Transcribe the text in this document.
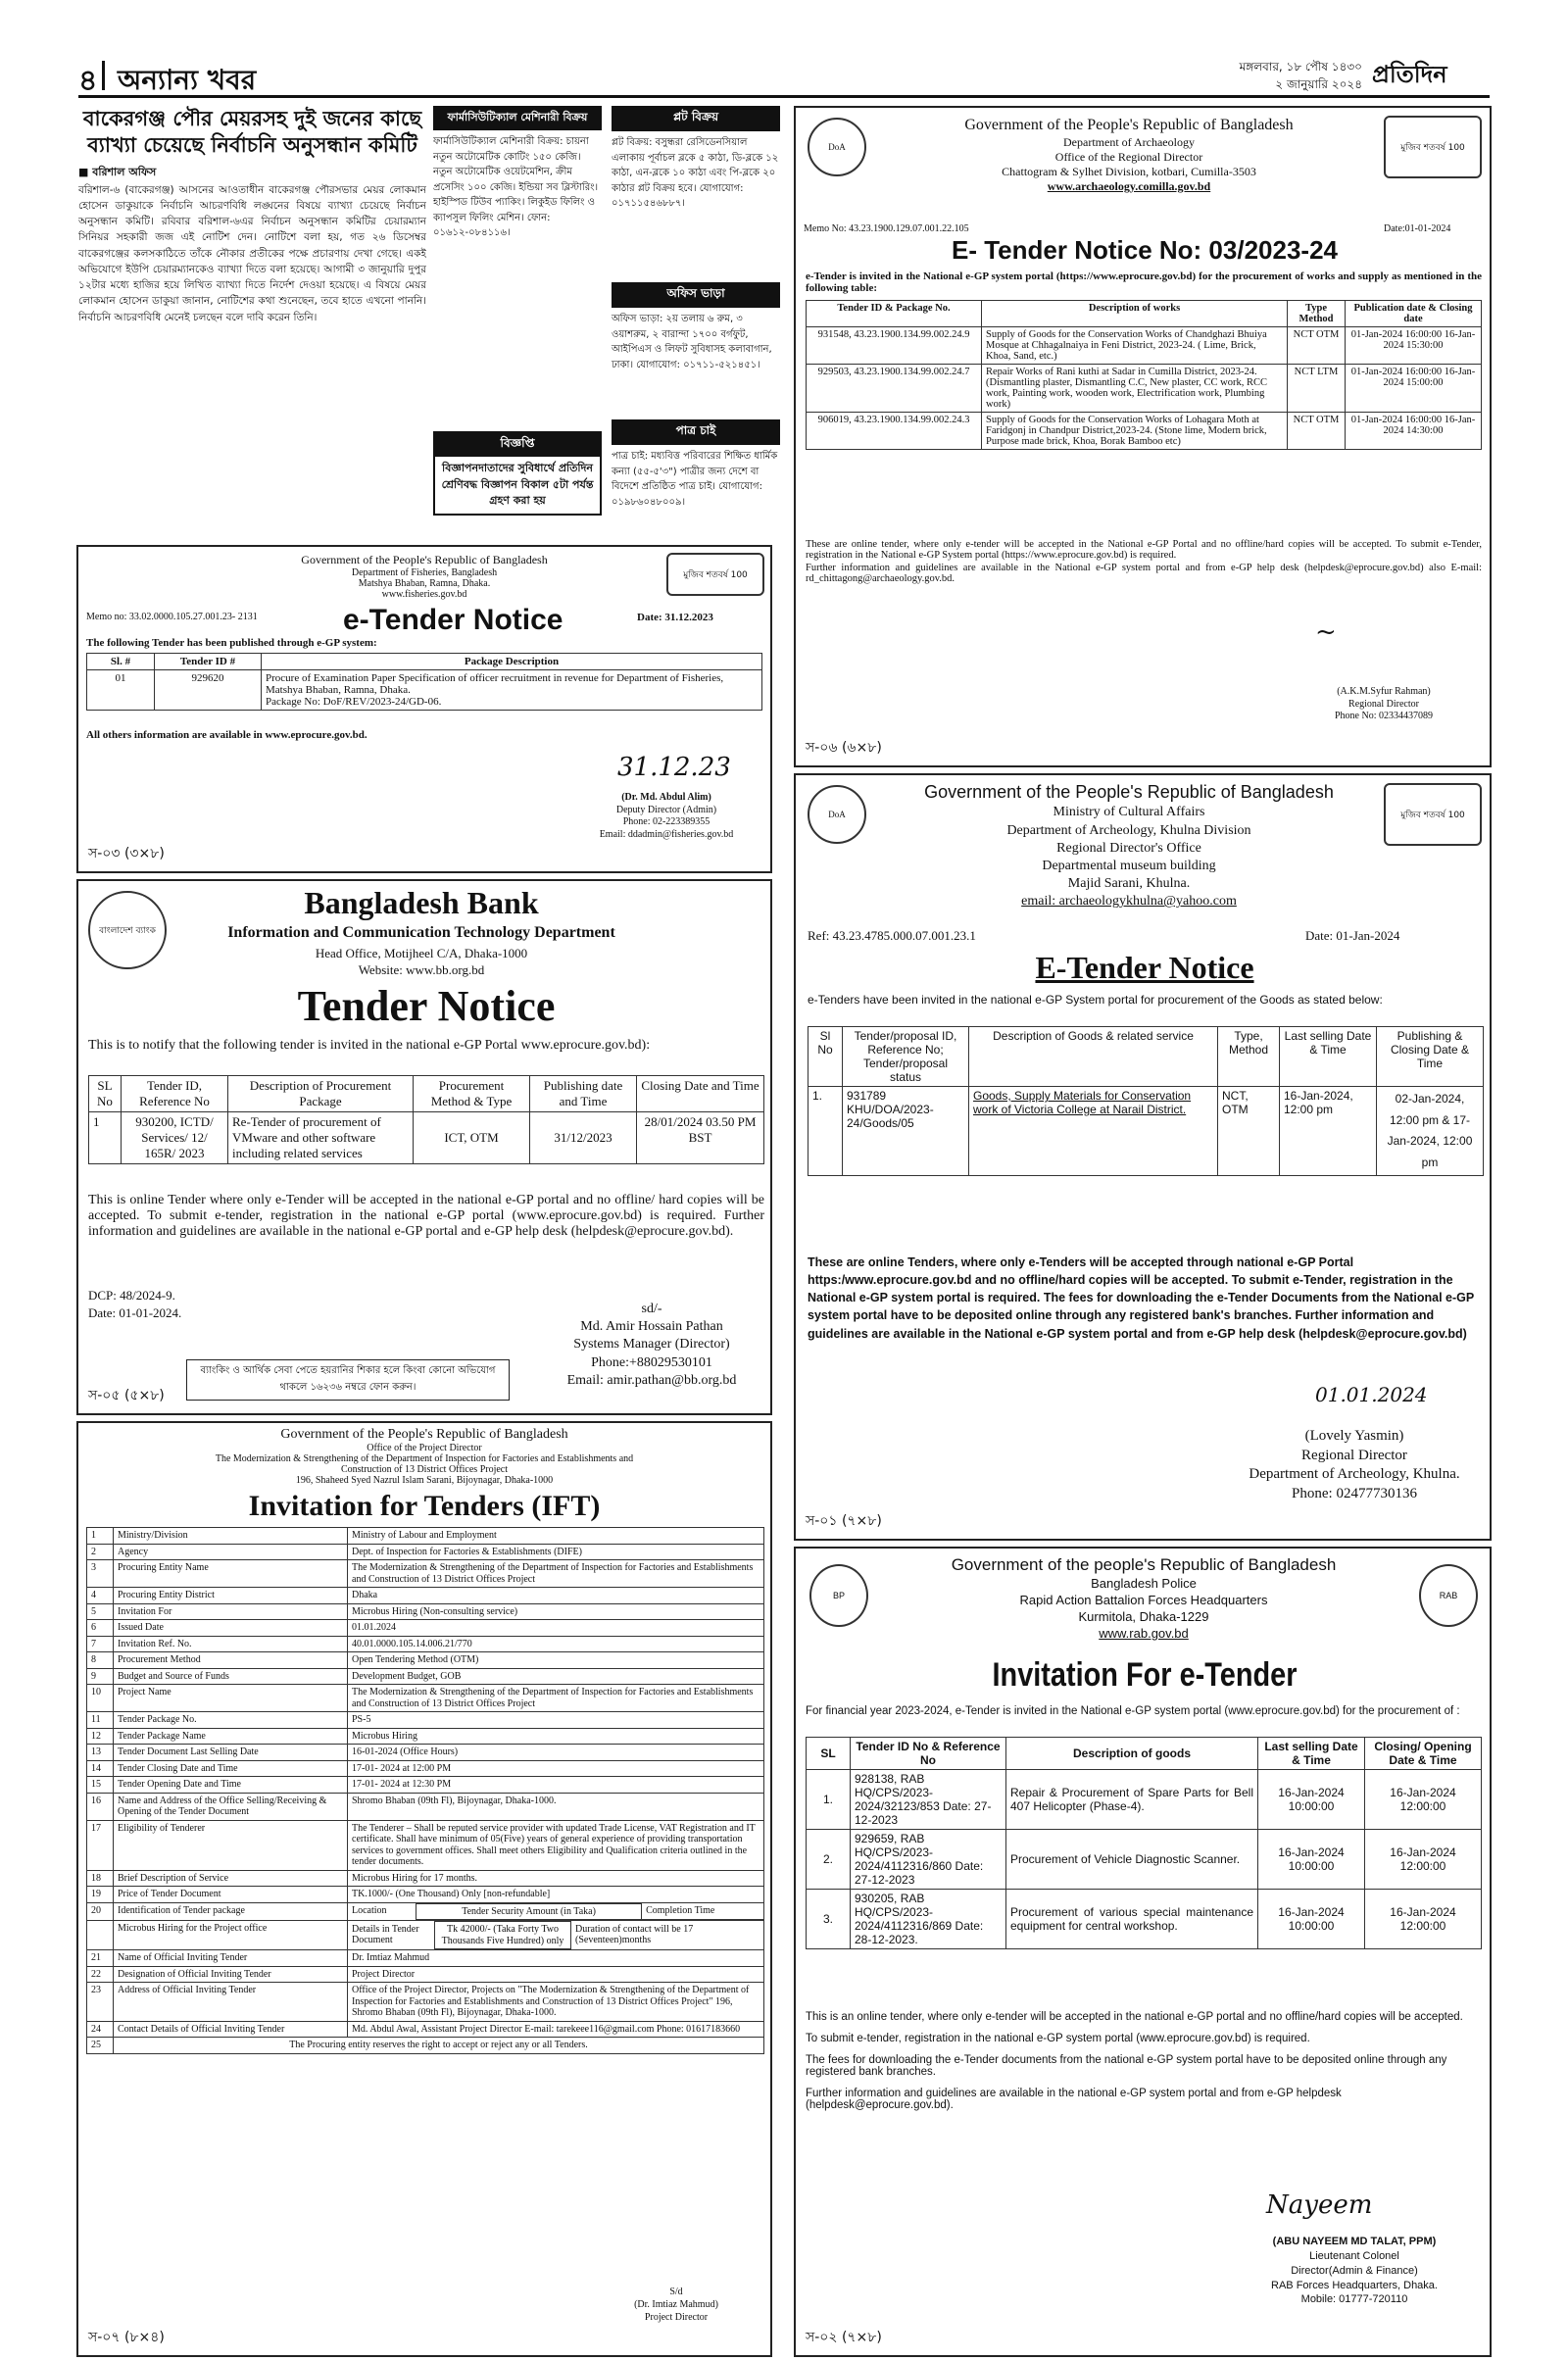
৪ অন্যান্য খবর	মঙ্গলবার, ১৮ পৌষ ১৪৩০
২ জানুয়ারি ২০২৪ প্রতিদিন
বাকেরগঞ্জ পৌর মেয়রসহ দুই জনের কাছে ব্যাখ্যা চেয়েছে নির্বাচনি অনুসন্ধান কমিটি
■ বরিশাল অফিস
বরিশাল-৬ (বাকেরগঞ্জ) আসনের আওতাধীন বাকেরগঞ্জ পৌরসভার মেয়র লোকমান হোসেন ডাকুয়াকে নির্বাচনি আচরণবিধি লঙ্ঘনের বিষয়ে ব্যাখ্যা চেয়েছে নির্বাচন অনুসন্ধান কমিটি। রবিবার বরিশাল-৬এর নির্বাচন অনুসন্ধান কমিটির চেয়ারম্যান সিনিয়র সহকারী জজ এই নোটিশ দেন। নোটিশে বলা হয়, গত ২৬ ডিসেম্বর বাকেরগঞ্জের কলসকাঠিতে তাঁকে নৌকার প্রতীকের পক্ষে প্রচারণায় দেখা গেছে। একই অভিযোগে ইউপি চেয়ারম্যানকেও ব্যাখ্যা দিতে বলা হয়েছে। আগামী ৩ জানুয়ারি দুপুর ১২টার মধ্যে হাজির হয়ে লিখিত ব্যাখ্যা দিতে নির্দেশ দেওয়া হয়েছে। এ বিষয়ে মেয়র লোকমান হোসেন ডাকুয়া জানান, নোটিশের কথা শুনেছেন, তবে হাতে এখনো পাননি। নির্বাচনি আচরণবিধি মেনেই চলছেন বলে দাবি করেন তিনি।
ফার্মাসিউটিক্যাল মেশিনারী বিক্রয়
ফার্মাসিউটিক্যাল মেশিনারী বিক্রয়: চায়না নতুন অটোমেটিক কোটিং ১৫০ কেজি। নতুন অটোমেটিক ওয়েটমেশিন, ক্রীম প্রসেসিং ১০০ কেজি। ইন্ডিয়া সব ব্লিস্টারিং। হাইস্পিড টিউব প্যাকিং। লিকুইড ফিলিং ও ক্যাপসুল ফিলিং মেশিন। ফোন: ০১৬১২-০৮৪১১৬।
প্লট বিক্রয়
প্লট বিক্রয়: বসুন্ধরা রেসিডেনসিয়াল এলাকায় পূর্বাচল ব্লকে ৫ কাঠা, ডি-ব্লকে ১২ কাঠা, এন-ব্লকে ১০ কাঠা এবং পি-ব্লকে ২০ কাঠার প্লট বিক্রয় হবে। যোগাযোগ: ০১৭১১৫৪৬৮৮৭।
অফিস ভাড়া
অফিস ভাড়া: ২য় তলায় ৬ রুম, ৩ ওয়াশরুম, ২ বারান্দা ১৭০০ বর্গফুট, আইপিএস ও লিফট সুবিধাসহ কলাবাগান, ঢাকা। যোগাযোগ: ০১৭১১-৫২১৪৫১।
পাত্র চাই
পাত্র চাই: মধ্যবিত্ত পরিবারের শিক্ষিত ধার্মিক কন্যা (৫৫-৫'৩") পাত্রীর জন্য দেশে বা বিদেশে প্রতিষ্ঠিত পাত্র চাই। যোগাযোগ: ০১৯৮৬০৪৮০০৯।
বিজ্ঞপ্তি
বিজ্ঞাপনদাতাদের সুবিধার্থে প্রতিদিন শ্রেণিবদ্ধ বিজ্ঞাপন বিকাল ৫টা পর্যন্ত গ্রহণ করা হয়
Government of the People's Republic of Bangladesh
Department of Fisheries, Bangladesh
Matshya Bhaban, Ramna, Dhaka.
www.fisheries.gov.bd
মুজিব শতবর্ষ 100
Memo no: 33.02.0000.105.27.001.23- 2131	e-Tender Notice	Date: 31.12.2023
The following Tender has been published through e-GP system:
Sl. #	Tender ID #	Package Description
01	929620	Procure of Examination Paper Specification of officer recruitment in revenue for Department of Fisheries, Matshya Bhaban, Ramna, Dhaka.
Package No: DoF/REV/2023-24/GD-06.
All others information are available in www.eprocure.gov.bd.
31.12.23
(Dr. Md. Abdul Alim)
Deputy Director (Admin)
Phone: 02-223389355
Email: ddadmin@fisheries.gov.bd
স-০৩ (৩×৮)
বাংলাদেশ ব্যাংক
Bangladesh Bank
Information and Communication Technology Department
Head Office, Motijheel C/A, Dhaka-1000
Website: www.bb.org.bd
Tender Notice
This is to notify that the following tender is invited in the national e-GP Portal www.eprocure.gov.bd):
SL No	Tender ID, Reference No	Description of Procurement Package	Procurement Method & Type	Publishing date and Time	Closing Date and Time
1	930200, ICTD/ Services/ 12/ 165R/ 2023	Re-Tender of procurement of VMware and other software including related services	ICT, OTM	31/12/2023	28/01/2024 03.50 PM BST
This is online Tender where only e-Tender will be accepted in the national e-GP portal and no offline/ hard copies will be accepted. To submit e-tender, registration in the national e-GP portal (www.eprocure.gov.bd) is required. Further information and guidelines are available in the national e-GP portal and e-GP help desk (helpdesk@eprocure.gov.bd).
DCP: 48/2024-9.
Date: 01-01-2024.	sd/-
Md. Amir Hossain Pathan
Systems Manager (Director)
Phone:+88029530101
Email: amir.pathan@bb.org.bd
ব্যাংকিং ও আর্থিক সেবা পেতে হয়রানির শিকার হলে কিংবা কোনো অভিযোগ থাকলে ১৬২৩৬ নম্বরে ফোন করুন।
স-০৫ (৫×৮)
Government of the People's Republic of Bangladesh
Office of the Project Director
The Modernization & Strengthening of the Department of Inspection for Factories and Establishments and Construction of 13 District Offices Project
196, Shaheed Syed Nazrul Islam Sarani, Bijoynagar, Dhaka-1000
Invitation for Tenders (IFT)
1	Ministry/Division	Ministry of Labour and Employment
2	Agency	Dept. of Inspection for Factories & Establishments (DIFE)
3	Procuring Entity Name	The Modernization & Strengthening of the Department of Inspection for Factories and Establishments and Construction of 13 District Offices Project
4	Procuring Entity District	Dhaka
5	Invitation For	Microbus Hiring (Non-consulting service)
6	Issued Date	01.01.2024
7	Invitation Ref. No.	40.01.0000.105.14.006.21/770
8	Procurement Method	Open Tendering Method (OTM)
9	Budget and Source of Funds	Development Budget, GOB
10	Project Name	The Modernization & Strengthening of the Department of Inspection for Factories and Establishments and Construction of 13 District Offices Project
11	Tender Package No.	PS-5
12	Tender Package Name	Microbus Hiring
13	Tender Document Last Selling Date	16-01-2024 (Office Hours)
14	Tender Closing Date and Time	17-01- 2024 at 12:00 PM
15	Tender Opening Date and Time	17-01- 2024 at 12:30 PM
16	Name and Address of the Office Selling/Receiving & Opening of the Tender Document	Shromo Bhaban (09th Fl), Bijoynagar, Dhaka-1000.
17	Eligibility of Tenderer	The Tenderer – Shall be reputed service provider with updated Trade License, VAT Registration and IT certificate. Shall have minimum of 05(Five) years of general experience of providing transportation services to government offices. Shall meet others Eligibility and Qualification criteria outlined in the tender documents.
18	Brief Description of Service	Microbus Hiring for 17 months.
19	Price of Tender Document	TK.1000/- (One Thousand) Only [non-refundable]
20	Identification of Tender package		Location	Tender Security Amount (in Taka)	Completion Time

	Microbus Hiring for the Project office		Details in Tender Document	Tk 42000/- (Taka Forty Two Thousands Five Hundred) only	Duration of contact will be 17 (Seventeen)months

21	Name of Official Inviting Tender	Dr. Imtiaz Mahmud
22	Designation of Official Inviting Tender	Project Director
23	Address of Official Inviting Tender	Office of the Project Director, Projects on "The Modernization & Strengthening of the Department of Inspection for Factories and Establishments and Construction of 13 District Offices Project" 196, Shromo Bhaban (09th Fl), Bijoynagar, Dhaka-1000.
24	Contact Details of Official Inviting Tender	Md. Abdul Awal, Assistant Project Director E-mail: tarekeee116@gmail.com Phone: 01617183660
25	The Procuring entity reserves the right to accept or reject any or all Tenders.
S/d
(Dr. Imtiaz Mahmud)
Project Director
স-০৭ (৮×৪)
DoA
Government of the People's Republic of Bangladesh
Department of Archaeology
Office of the Regional Director
Chattogram & Sylhet Division, kotbari, Cumilla-3503
www.archaeology.comilla.gov.bd
মুজিব শতবর্ষ 100
Memo No: 43.23.1900.129.07.001.22.105	Date:01-01-2024
E- Tender Notice No: 03/2023-24
e-Tender is invited in the National e-GP system portal (https://www.eprocure.gov.bd) for the procurement of works and supply as mentioned in the following table:
Tender ID & Package No.	Description of works	Type Method	Publication date & Closing date
931548, 43.23.1900.134.99.002.24.9	Supply of Goods for the Conservation Works of Chandghazi Bhuiya Mosque at Chhagalnaiya in Feni District, 2023-24. ( Lime, Brick, Khoa, Sand, etc.)	NCT OTM	01-Jan-2024 16:00:00 16-Jan-2024 15:30:00
929503, 43.23.1900.134.99.002.24.7	Repair Works of Rani kuthi at Sadar in Cumilla District, 2023-24. (Dismantling plaster, Dismantling C.C, New plaster, CC work, RCC work, Painting work, wooden work, Electrification work, Plumbing work)	NCT LTM	01-Jan-2024 16:00:00 16-Jan-2024 15:00:00
906019, 43.23.1900.134.99.002.24.3	Supply of Goods for the Conservation Works of Lohagara Moth at Faridgonj in Chandpur District,2023-24. (Stone lime, Modern brick, Purpose made brick, Khoa, Borak Bamboo etc)	NCT OTM	01-Jan-2024 16:00:00 16-Jan-2024 14:30:00

These are online tender, where only e-tender will be accepted in the National e-GP Portal and no offline/hard copies will be accepted. To submit e-Tender, registration in the National e-GP System portal (https://www.eprocure.gov.bd) is required.

Further information and guidelines are available in the National e-GP system portal and from e-GP help desk (helpdesk@eprocure.gov.bd) also E-mail: rd_chittagong@archaeology.gov.bd.

~
(A.K.M.Syfur Rahman)
Regional Director
Phone No: 02334437089
স-০৬ (৬×৮)
DoA
Government of the People's Republic of Bangladesh
Ministry of Cultural Affairs
Department of Archeology, Khulna Division
Regional Director's Office
Departmental museum building
Majid Sarani, Khulna.
email: archaeologykhulna@yahoo.com
মুজিব শতবর্ষ 100
Ref: 43.23.4785.000.07.001.23.1	Date: 01-Jan-2024
E-Tender Notice
e-Tenders have been invited in the national e-GP System portal for procurement of the Goods as stated below:
Sl No	Tender/proposal ID, Reference No; Tender/proposal status	Description of Goods & related service	Type, Method	Last selling Date & Time	Publishing & Closing Date & Time
1.	931789 KHU/DOA/2023-24/Goods/05	Goods, Supply Materials for Conservation work of Victoria College at Narail District.	NCT, OTM	16-Jan-2024, 12:00 pm	02-Jan-2024, 12:00 pm & 17-Jan-2024, 12:00 pm
These are online Tenders, where only e-Tenders will be accepted through national e-GP Portal https:/www.eprocure.gov.bd and no offline/hard copies will be accepted. To submit e-Tender, registration in the National e-GP system portal is required. The fees for downloading the e-Tender Documents from the National e-GP system portal have to be deposited online through any registered bank's branches. Further information and guidelines are available in the National e-GP system portal and from e-GP help desk (helpdesk@eprocure.gov.bd)
01.01.2024
(Lovely Yasmin)
Regional Director
Department of Archeology, Khulna.
Phone: 02477730136
স-০১ (৭×৮)
BP	RAB
Government of the people's Republic of Bangladesh
Bangladesh Police
Rapid Action Battalion Forces Headquarters
Kurmitola, Dhaka-1229
www.rab.gov.bd
Invitation For e-Tender
For financial year 2023-2024, e-Tender is invited in the National e-GP system portal (www.eprocure.gov.bd) for the procurement of :
SL	Tender ID No & Reference No	Description of goods	Last selling Date & Time	Closing/ Opening Date & Time
1.	928138, RAB HQ/CPS/2023-2024/32123/853 Date: 27-12-2023	Repair & Procurement of Spare Parts for Bell 407 Helicopter (Phase-4).	16-Jan-2024 10:00:00	16-Jan-2024 12:00:00
2.	929659, RAB HQ/CPS/2023-2024/4112316/860 Date: 27-12-2023	Procurement of Vehicle Diagnostic Scanner.	16-Jan-2024 10:00:00	16-Jan-2024 12:00:00
3.	930205, RAB HQ/CPS/2023-2024/4112316/869 Date: 28-12-2023.	Procurement of various special maintenance equipment for central workshop.	16-Jan-2024 10:00:00	16-Jan-2024 12:00:00

This is an online tender, where only e-tender will be accepted in the national e-GP portal and no offline/hard copies will be accepted.

To submit e-tender, registration in the national e-GP system portal (www.eprocure.gov.bd) is required.

The fees for downloading the e-Tender documents from the national e-GP system portal have to be deposited online through any registered bank branches.

Further information and guidelines are available in the national e-GP system portal and from e-GP helpdesk (helpdesk@eprocure.gov.bd).

Nayeem
(ABU NAYEEM MD TALAT, PPM)
Lieutenant Colonel
Director(Admin & Finance)
RAB Forces Headquarters, Dhaka.
Mobile: 01777-720110
স-০২ (৭×৮)
